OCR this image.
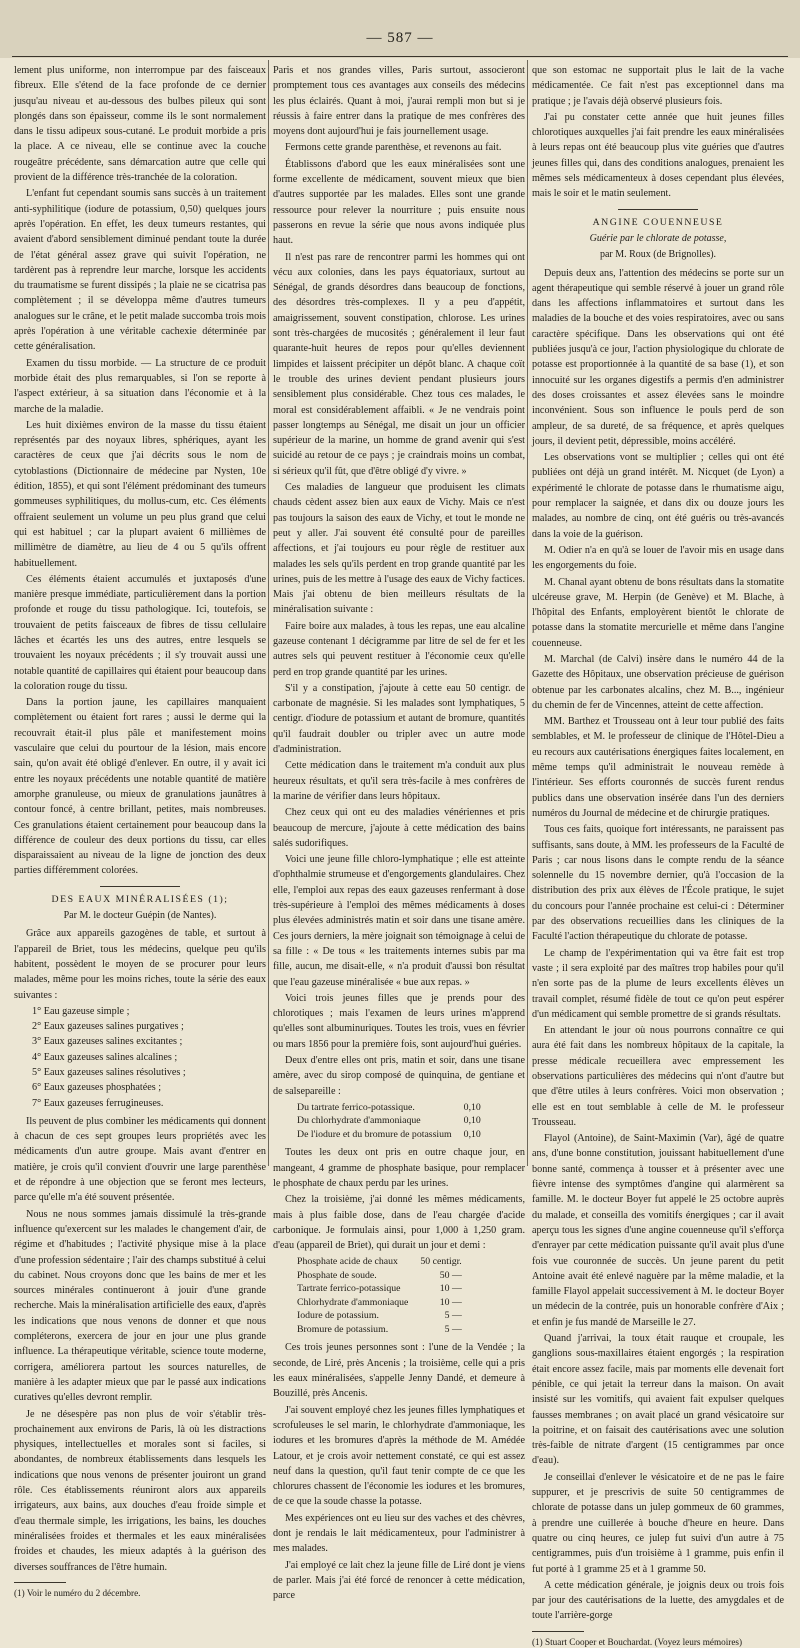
— 587 —

lement plus uniforme, non interrompue par des faisceaux fibreux. Elle s'étend de la face profonde de ce dernier jusqu'au niveau et au-dessous des bulbes pileux qui sont plongés dans son épaisseur, comme ils le sont normalement dans le tissu adipeux sous-cutané. Le produit morbide a pris la place. A ce niveau, elle se continue avec la couche rougeâtre précédente, sans démarcation autre que celle qui provient de la différence très-tranchée de la coloration.

L'enfant fut cependant soumis sans succès à un traitement anti-syphilitique (iodure de potassium, 0,50) quelques jours après l'opération. En effet, les deux tumeurs restantes, qui avaient d'abord sensiblement diminué pendant toute la durée de l'état général assez grave qui suivit l'opération, ne tardèrent pas à reprendre leur marche, lorsque les accidents du traumatisme se furent dissipés ; la plaie ne se cicatrisa pas complètement ; il se développa même d'autres tumeurs analogues sur le crâne, et le petit malade succomba trois mois après l'opération à une véritable cachexie déterminée par cette généralisation.

Examen du tissu morbide. — La structure de ce produit morbide était des plus remarquables, si l'on se reporte à l'aspect extérieur, à sa situation dans l'économie et à la marche de la maladie.

Les huit dixièmes environ de la masse du tissu étaient représentés par des noyaux libres, sphériques, ayant les caractères de ceux que j'ai décrits sous le nom de cytoblastions (Dictionnaire de médecine par Nysten, 10e édition, 1855), et qui sont l'élément prédominant des tumeurs gommeuses syphilitiques, du mollus-cum, etc. Ces éléments offraient seulement un volume un peu plus grand que celui qui est habituel ; car la plupart avaient 6 millièmes de millimètre de diamètre, au lieu de 4 ou 5 qu'ils offrent habituellement.

Ces éléments étaient accumulés et juxtaposés d'une manière presque immédiate, particulièrement dans la portion profonde et rouge du tissu pathologique. Ici, toutefois, se trouvaient de petits faisceaux de fibres de tissu cellulaire lâches et écartés les uns des autres, entre lesquels se trouvaient les noyaux précédents ; il s'y trouvait aussi une notable quantité de capillaires qui étaient pour beaucoup dans la coloration rouge du tissu.

Dans la portion jaune, les capillaires manquaient complètement ou étaient fort rares ; aussi le derme qui la recouvrait était-il plus pâle et manifestement moins vasculaire que celui du pourtour de la lésion, mais encore sain, qu'on avait été obligé d'enlever. En outre, il y avait ici entre les noyaux précédents une notable quantité de matière amorphe granuleuse, ou mieux de granulations jaunâtres à contour foncé, à centre brillant, petites, mais nombreuses. Ces granulations étaient certainement pour beaucoup dans la différence de couleur des deux portions du tissu, car elles disparaissaient au niveau de la ligne de jonction des deux parties différemment colorées.

DES EAUX MINÉRALISÉES (1);
Par M. le docteur Guépin (de Nantes).

Grâce aux appareils gazogènes de table, et surtout à l'appareil de Briet, tous les médecins, quelque peu qu'ils habitent, possèdent le moyen de se procurer pour leurs malades, même pour les moins riches, toute la série des eaux suivantes :

1° Eau gazeuse simple ;
2° Eaux gazeuses salines purgatives ;
3° Eaux gazeuses salines excitantes ;
4° Eaux gazeuses salines alcalines ;
5° Eaux gazeuses salines résolutives ;
6° Eaux gazeuses phosphatées ;
7° Eaux gazeuses ferrugineuses.

Ils peuvent de plus combiner les médicaments qui donnent à chacun de ces sept groupes leurs propriétés avec les médicaments d'un autre groupe. Mais avant d'entrer en matière, je crois qu'il convient d'ouvrir une large parenthèse et de répondre à une objection que se feront mes lecteurs, parce qu'elle m'a été souvent présentée.

Nous ne nous sommes jamais dissimulé la très-grande influence qu'exercent sur les malades le changement d'air, de régime et d'habitudes ; l'activité physique mise à la place d'une profession sédentaire ; l'air des champs substitué à celui du cabinet. Nous croyons donc que les bains de mer et les sources minérales continueront à jouir d'une grande recherche. Mais la minéralisation artificielle des eaux, d'après les indications que nous venons de donner et que nous compléterons, exercera de jour en jour une plus grande influence. La thérapeutique véritable, science toute moderne, corrigera, améliorera partout les sources naturelles, de manière à les adapter mieux que par le passé aux indications curatives qu'elles devront remplir.

Je ne désespère pas non plus de voir s'établir très-prochainement aux environs de Paris, là où les distractions physiques, intellectuelles et morales sont si faciles, si abondantes, de nombreux établissements dans lesquels les indications que nous venons de présenter jouiront un grand rôle. Ces établissements réuniront alors aux appareils irrigateurs, aux bains, aux douches d'eau froide simple et d'eau thermale simple, les irrigations, les bains, les douches minéralisées froides et thermales et les eaux minéralisées froides et chaudes, les mieux adaptés à la guérison des diverses souffrances de l'être humain.

(1) Voir le numéro du 2 décembre.

Paris et nos grandes villes, Paris surtout, associeront promptement tous ces avantages aux conseils des médecins les plus éclairés. Quant à moi, j'aurai rempli mon but si je réussis à faire entrer dans la pratique de mes confrères des moyens dont aujourd'hui je fais journellement usage.

Fermons cette grande parenthèse, et revenons au fait.

Établissons d'abord que les eaux minéralisées sont une forme excellente de médicament, souvent mieux que bien d'autres supportée par les malades. Elles sont une grande ressource pour relever la nourriture ; puis ensuite nous passerons en revue la série que nous avons indiquée plus haut.

Il n'est pas rare de rencontrer parmi les hommes qui ont vécu aux colonies, dans les pays équatoriaux, surtout au Sénégal, de grands désordres dans beaucoup de fonctions, des désordres très-complexes. Il y a peu d'appétit, amaigrissement, souvent constipation, chlorose. Les urines sont très-chargées de mucosités ; généralement il leur faut quarante-huit heures de repos pour qu'elles deviennent limpides et laissent précipiter un dépôt blanc. A chaque coït le trouble des urines devient pendant plusieurs jours sensiblement plus considérable. Chez tous ces malades, le moral est considérablement affaibli. « Je ne vendrais point passer longtemps au Sénégal, me disait un jour un officier supérieur de la marine, un homme de grand avenir qui s'est suicidé au retour de ce pays ; je craindrais moins un combat, si sérieux qu'il fût, que d'être obligé d'y vivre. »

Ces maladies de langueur que produisent les climats chauds cèdent assez bien aux eaux de Vichy. Mais ce n'est pas toujours la saison des eaux de Vichy, et tout le monde ne peut y aller. J'ai souvent été consulté pour de pareilles affections, et j'ai toujours eu pour règle de restituer aux malades les sels qu'ils perdent en trop grande quantité par les urines, puis de les mettre à l'usage des eaux de Vichy factices. Mais j'ai obtenu de bien meilleurs résultats de la minéralisation suivante :

Faire boire aux malades, à tous les repas, une eau alcaline gazeuse contenant 1 décigramme par litre de sel de fer et les autres sels qui peuvent restituer à l'économie ceux qu'elle perd en trop grande quantité par les urines.

S'il y a constipation, j'ajoute à cette eau 50 centigr. de carbonate de magnésie. Si les malades sont lymphatiques, 5 centigr. d'iodure de potassium et autant de bromure, quantités qu'il faudrait doubler ou tripler avec un autre mode d'administration.

Cette médication dans le traitement m'a conduit aux plus heureux résultats, et qu'il sera très-facile à mes confrères de la marine de vérifier dans leurs hôpitaux.

Chez ceux qui ont eu des maladies vénériennes et pris beaucoup de mercure, j'ajoute à cette médication des bains salés sudorifiques.

Voici une jeune fille chloro-lymphatique ; elle est atteinte d'ophthalmie strumeuse et d'engorgements glandulaires. Chez elle, l'emploi aux repas des eaux gazeuses renfermant à dose très-supérieure à l'emploi des mêmes médicaments à doses plus élevées administrés matin et soir dans une tisane amère. Ces jours derniers, la mère joignait son témoignage à celui de sa fille : « De tous « les traitements internes subis par ma fille, aucun, me disait-elle, « n'a produit d'aussi bon résultat que l'eau gazeuse minéralisée « bue aux repas. »

Voici trois jeunes filles que je prends pour des chlorotiques ; mais l'examen de leurs urines m'apprend qu'elles sont albuminuriques. Toutes les trois, vues en février ou mars 1856 pour la première fois, sont aujourd'hui guéries.

Deux d'entre elles ont pris, matin et soir, dans une tisane amère, avec du sirop composé de quinquina, de gentiane et de salsepareille :

Du tartrate ferrico-potassique.	0,10
Du chlorhydrate d'ammoniaque	0,10
De l'iodure et du bromure de potassium	0,10

Toutes les deux ont pris en outre chaque jour, en mangeant, 4 gramme de phosphate basique, pour remplacer le phosphate de chaux perdu par les urines.

Chez la troisième, j'ai donné les mêmes médicaments, mais à plus faible dose, dans de l'eau chargée d'acide carbonique. Je formulais ainsi, pour 1,000 à 1,250 gram. d'eau (appareil de Briet), qui durait un jour et demi :

Phosphate acide de chaux	50 centigr.
Phosphate de soude.	50 —
Tartrate ferrico-potassique	10 —
Chlorhydrate d'ammoniaque	10 —
Iodure de potassium.	5 —
Bromure de potassium.	5 —

Ces trois jeunes personnes sont : l'une de la Vendée ; la seconde, de Liré, près Ancenis ; la troisième, celle qui a pris les eaux minéralisées, s'appelle Jenny Dandé, et demeure à Bouzillé, près Ancenis.

J'ai souvent employé chez les jeunes filles lymphatiques et scrofuleuses le sel marin, le chlorhydrate d'ammoniaque, les iodures et les bromures d'après la méthode de M. Amédée Latour, et je crois avoir nettement constaté, ce qui est assez neuf dans la question, qu'il faut tenir compte de ce que les chlorures chassent de l'économie les iodures et les bromures, de ce que la soude chasse la potasse.

Mes expériences ont eu lieu sur des vaches et des chèvres, dont je rendais le lait médicamenteux, pour l'administrer à mes malades.

J'ai employé ce lait chez la jeune fille de Liré dont je viens de parler. Mais j'ai été forcé de renoncer à cette médication, parce

que son estomac ne supportait plus le lait de la vache médicamentée. Ce fait n'est pas exceptionnel dans ma pratique ; je l'avais déjà observé plusieurs fois.

J'ai pu constater cette année que huit jeunes filles chlorotiques auxquelles j'ai fait prendre les eaux minéralisées à leurs repas ont été beaucoup plus vite guéries que d'autres jeunes filles qui, dans des conditions analogues, prenaient les mêmes sels médicamenteux à doses cependant plus élevées, mais le soir et le matin seulement.

ANGINE COUENNEUSE
Guérie par le chlorate de potasse,
par M. Roux (de Brignolles).

Depuis deux ans, l'attention des médecins se porte sur un agent thérapeutique qui semble réservé à jouer un grand rôle dans les affections inflammatoires et surtout dans les maladies de la bouche et des voies respiratoires, avec ou sans caractère spécifique. Dans les observations qui ont été publiées jusqu'à ce jour, l'action physiologique du chlorate de potasse est proportionnée à la quantité de sa base (1), et son innocuité sur les organes digestifs a permis d'en administrer des doses croissantes et assez élevées sans le moindre inconvénient. Sous son influence le pouls perd de son ampleur, de sa dureté, de sa fréquence, et après quelques jours, il devient petit, dépressible, moins accéléré.

Les observations vont se multiplier ; celles qui ont été publiées ont déjà un grand intérêt. M. Nicquet (de Lyon) a expérimenté le chlorate de potasse dans le rhumatisme aigu, pour remplacer la saignée, et dans dix ou douze jours les malades, au nombre de cinq, ont été guéris ou très-avancés dans la voie de la guérison.

M. Odier n'a en qu'à se louer de l'avoir mis en usage dans les engorgements du foie.

M. Chanal ayant obtenu de bons résultats dans la stomatite ulcéreuse grave, M. Herpin (de Genève) et M. Blache, à l'hôpital des Enfants, employèrent bientôt le chlorate de potasse dans la stomatite mercurielle et même dans l'angine couenneuse.

M. Marchal (de Calvi) insère dans le numéro 44 de la Gazette des Hôpitaux, une observation précieuse de guérison obtenue par les carbonates alcalins, chez M. B..., ingénieur du chemin de fer de Vincennes, atteint de cette affection.

MM. Barthez et Trousseau ont à leur tour publié des faits semblables, et M. le professeur de clinique de l'Hôtel-Dieu a eu recours aux cautérisations énergiques faites localement, en même temps qu'il administrait le nouveau remède à l'intérieur. Ses efforts couronnés de succès furent rendus publics dans une observation insérée dans l'un des derniers numéros du Journal de médecine et de chirurgie pratiques.

Tous ces faits, quoique fort intéressants, ne paraissent pas suffisants, sans doute, à MM. les professeurs de la Faculté de Paris ; car nous lisons dans le compte rendu de la séance solennelle du 15 novembre dernier, qu'à l'occasion de la distribution des prix aux élèves de l'École pratique, le sujet du concours pour l'année prochaine est celui-ci : Déterminer par des observations recueillies dans les cliniques de la Faculté l'action thérapeutique du chlorate de potasse.

Le champ de l'expérimentation qui va être fait est trop vaste ; il sera exploité par des maîtres trop habiles pour qu'il n'en sorte pas de la plume de leurs excellents élèves un travail complet, résumé fidèle de tout ce qu'on peut espérer d'un médicament qui semble promettre de si grands résultats.

En attendant le jour où nous pourrons connaître ce qui aura été fait dans les nombreux hôpitaux de la capitale, la presse médicale recueillera avec empressement les observations particulières des médecins qui n'ont d'autre but que d'être utiles à leurs confrères. Voici mon observation ; elle est en tout semblable à celle de M. le professeur Trousseau.

Flayol (Antoine), de Saint-Maximin (Var), âgé de quatre ans, d'une bonne constitution, jouissant habituellement d'une bonne santé, commença à tousser et à présenter avec une fièvre intense des symptômes d'angine qui alarmèrent sa famille. M. le docteur Boyer fut appelé le 25 octobre auprès du malade, et conseilla des vomitifs énergiques ; car il avait aperçu tous les signes d'une angine couenneuse qu'il s'efforça d'enrayer par cette médication puissante qu'il avait plus d'une fois vue couronnée de succès. Un jeune parent du petit Antoine avait été enlevé naguère par la même maladie, et la famille Flayol appelait successivement à M. le docteur Boyer un médecin de la contrée, puis un honorable confrère d'Aix ; et enfin je fus mandé de Marseille le 27.

Quand j'arrivai, la toux était rauque et croupale, les ganglions sous-maxillaires étaient engorgés ; la respiration était encore assez facile, mais par moments elle devenait fort pénible, ce qui jetait la terreur dans la maison. On avait insisté sur les vomitifs, qui avaient fait expulser quelques fausses membranes ; on avait placé un grand vésicatoire sur la poitrine, et on faisait des cautérisations avec une solution très-faible de nitrate d'argent (15 centigrammes par once d'eau).

Je conseillai d'enlever le vésicatoire et de ne pas le faire suppurer, et je prescrivis de suite 50 centigrammes de chlorate de potasse dans un julep gommeux de 60 grammes, à prendre une cuillerée à bouche d'heure en heure. Dans quatre ou cinq heures, ce julep fut suivi d'un autre à 75 centigrammes, puis d'un troisième à 1 gramme, puis enfin il fut porté à 1 gramme 25 et à 1 gramme 50.

A cette médication générale, je joignis deux ou trois fois par jour des cautérisations de la luette, des amygdales et de toute l'arrière-gorge

(1) Stuart Cooper et Bouchardat. (Voyez leurs mémoires)
